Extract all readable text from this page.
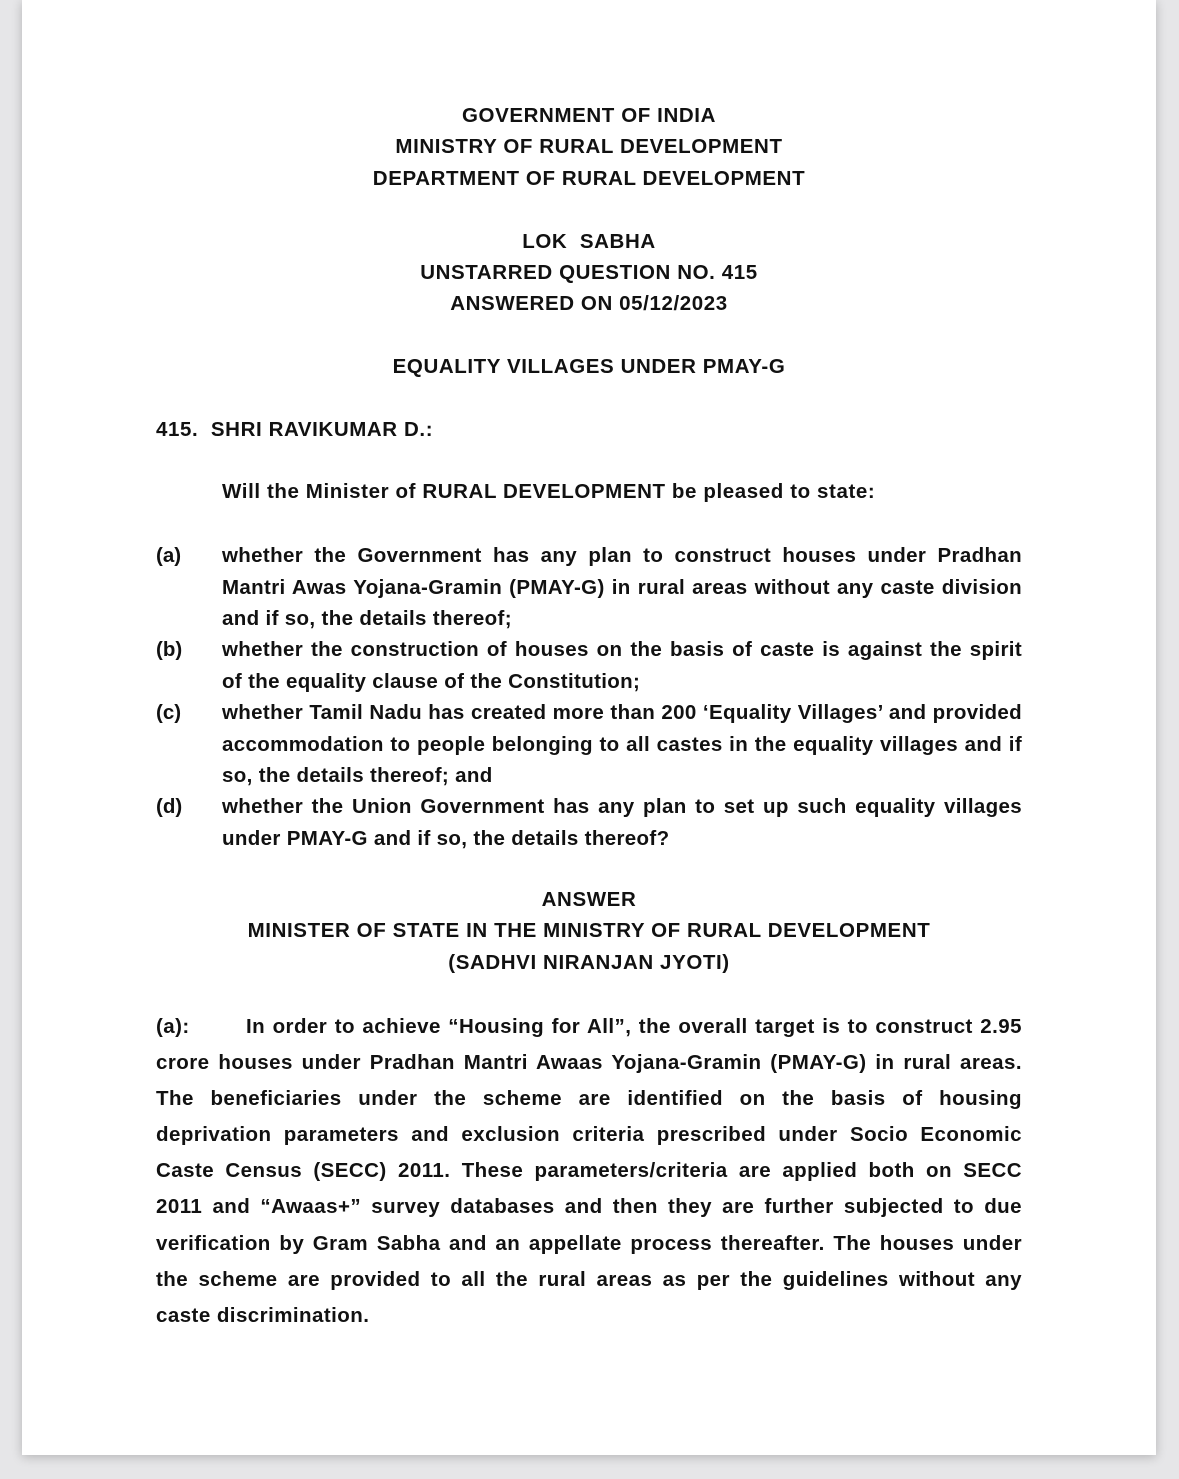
GOVERNMENT OF INDIA
MINISTRY OF RURAL DEVELOPMENT
DEPARTMENT OF RURAL DEVELOPMENT
LOK  SABHA
UNSTARRED QUESTION NO. 415
ANSWERED ON 05/12/2023
EQUALITY VILLAGES UNDER PMAY-G
415.  SHRI RAVIKUMAR D.:
Will the Minister of RURAL DEVELOPMENT be pleased to state:
(a) whether the Government has any plan to construct houses under Pradhan Mantri Awas Yojana-Gramin (PMAY-G) in rural areas without any caste division and if so, the details thereof;
(b) whether the construction of houses on the basis of caste is against the spirit of the equality clause of the Constitution;
(c) whether Tamil Nadu has created more than 200 ‘Equality Villages’ and provided accommodation to people belonging to all castes in the equality villages and if so, the details thereof; and
(d) whether the Union Government has any plan to set up such equality villages under PMAY-G and if so, the details thereof?
ANSWER
MINISTER OF STATE IN THE MINISTRY OF RURAL DEVELOPMENT
(SADHVI NIRANJAN JYOTI)
(a):	In order to achieve “Housing for All”, the overall target is to construct 2.95 crore houses under Pradhan Mantri Awaas Yojana-Gramin (PMAY-G) in rural areas. The beneficiaries under the scheme are identified on the basis of housing deprivation parameters and exclusion criteria prescribed under Socio Economic Caste Census (SECC) 2011. These parameters/criteria are applied both on SECC 2011 and “Awaas+” survey databases and then they are further subjected to due verification by Gram Sabha and an appellate process thereafter. The houses under the scheme are provided to all the rural areas as per the guidelines without any caste discrimination.
